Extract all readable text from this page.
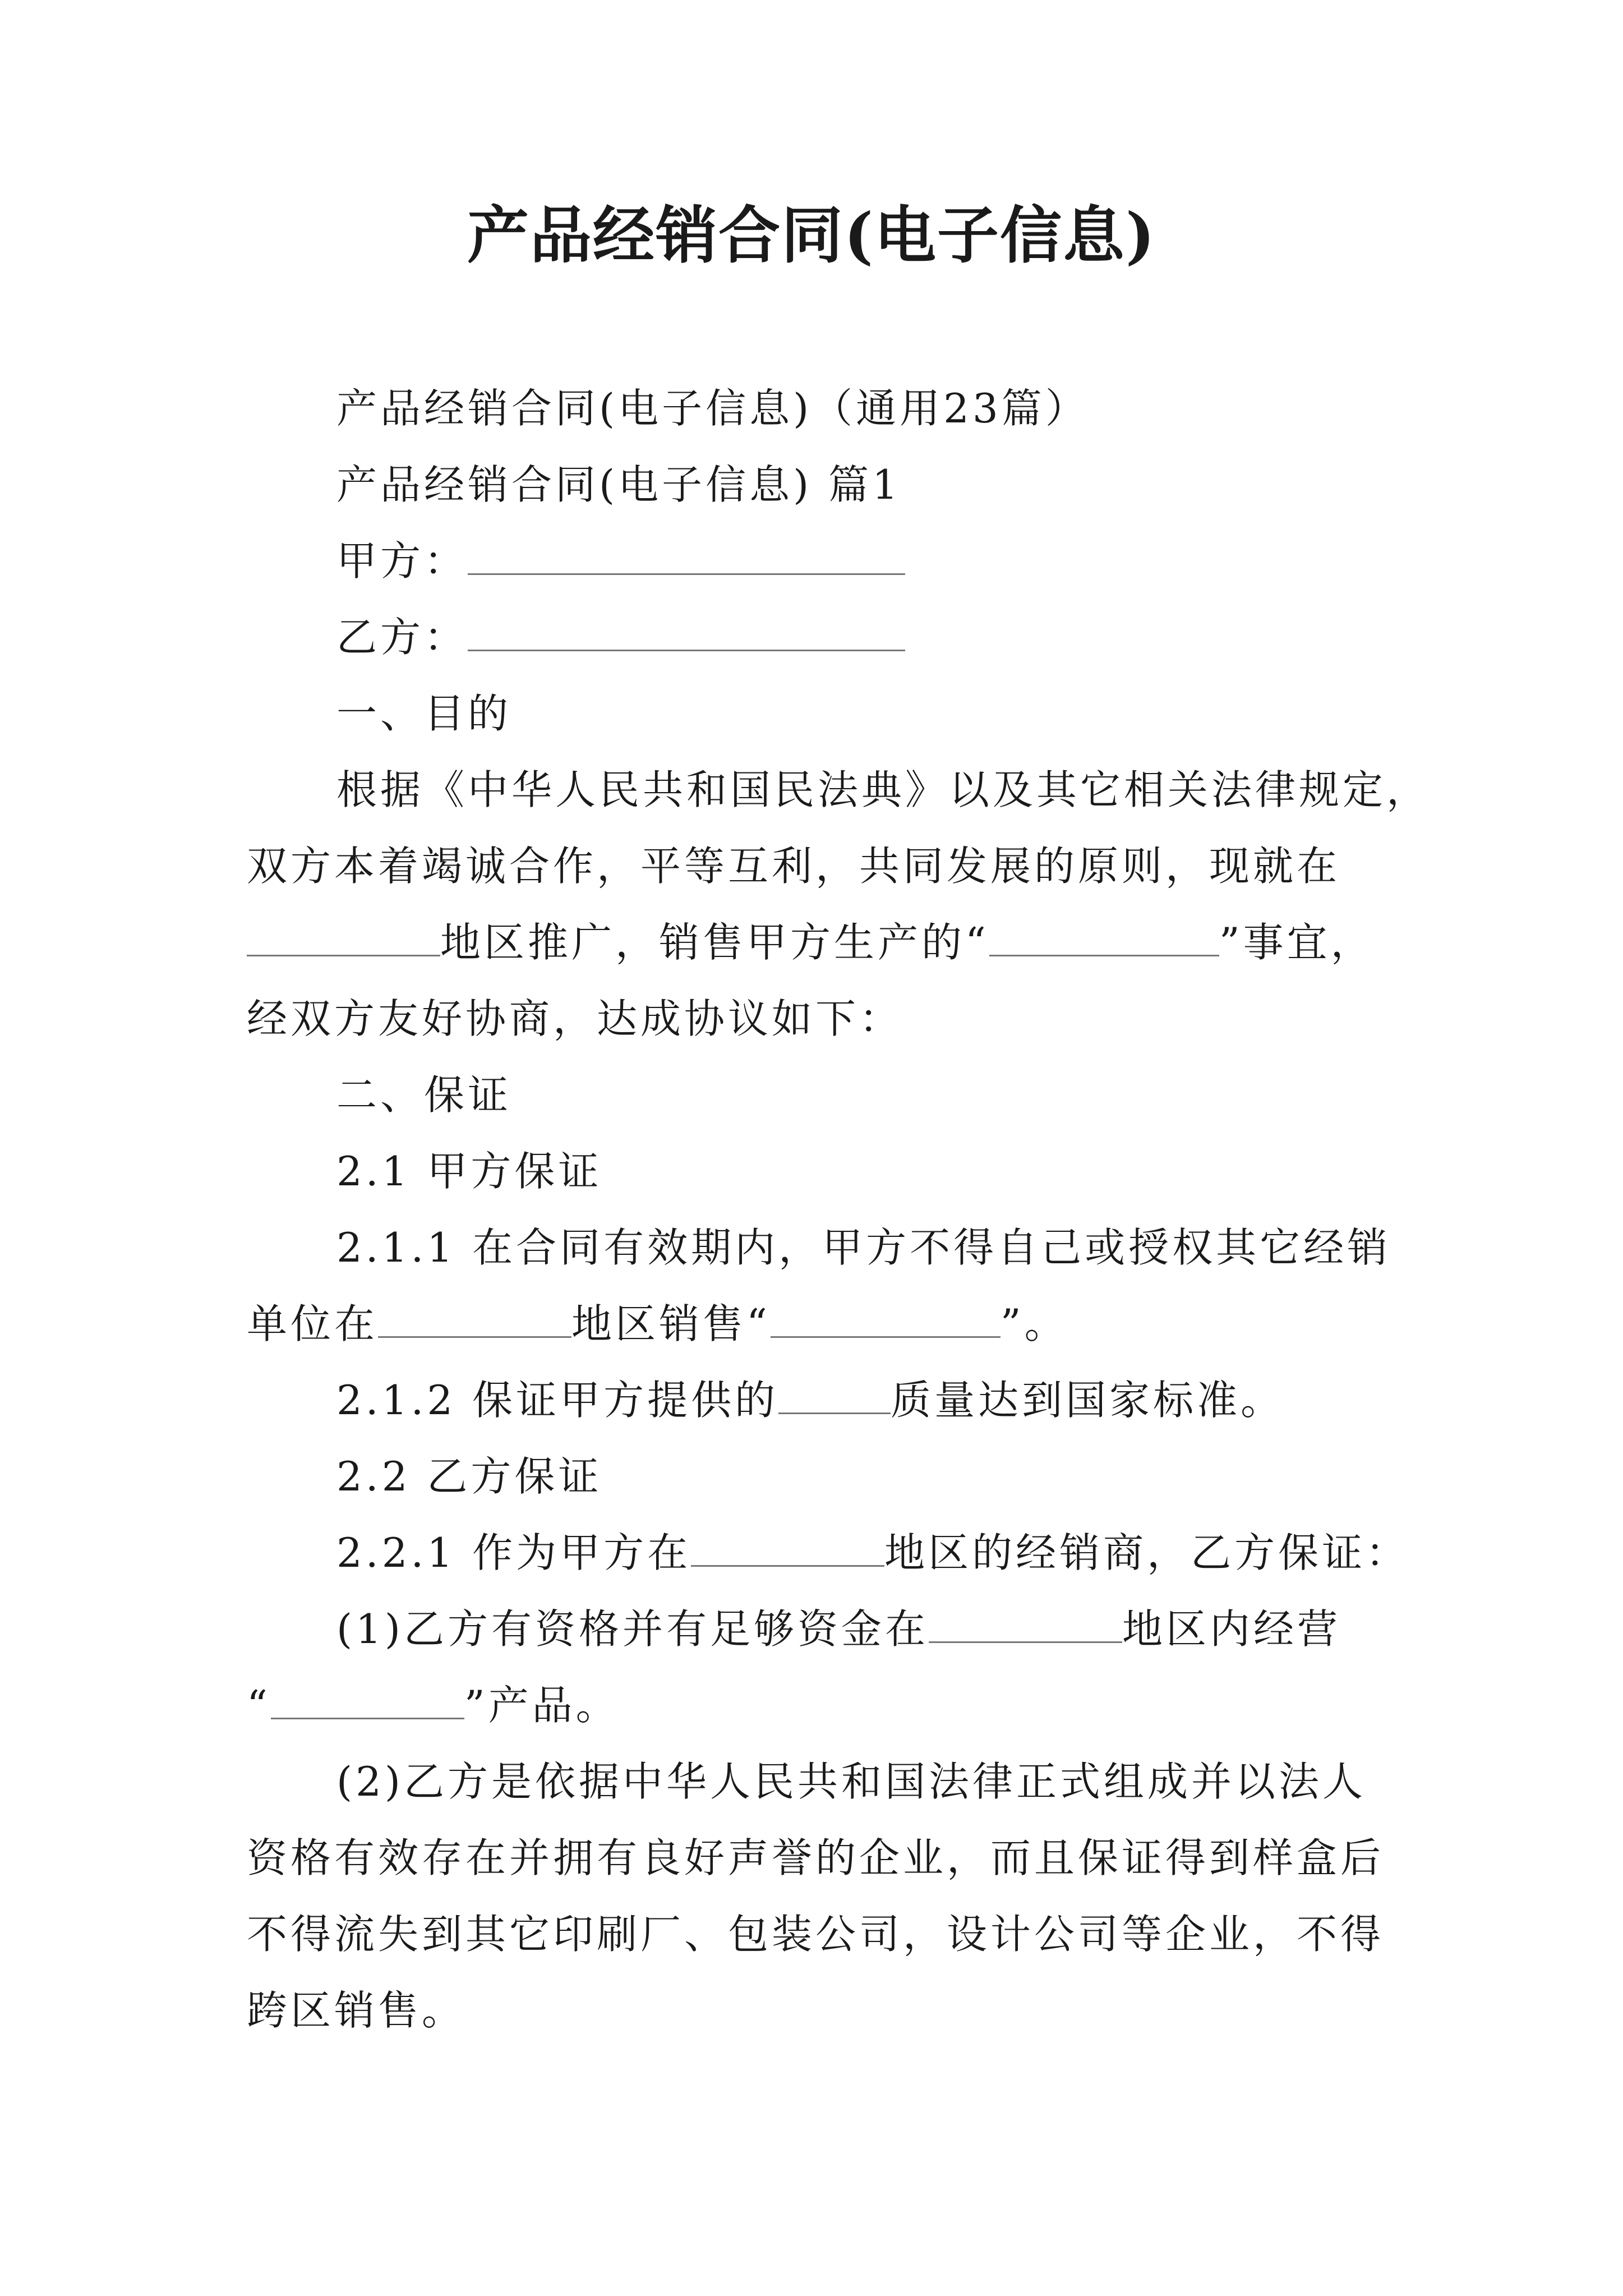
产品经销合同(电子信息)

产品经销合同(电子信息)（通用23篇）

产品经销合同(电子信息) 篇1

甲方：

乙方：

一、目的

根据《中华人民共和国民法典》以及其它相关法律规定，

双方本着竭诚合作，平等互利，共同发展的原则，现就在

地区推广，销售甲方生产的“	”事宜，

经双方友好协商，达成协议如下：

二、保证

2.1 甲方保证

2.1.1 在合同有效期内，甲方不得自己或授权其它经销

单位在	地区销售“	”。

2.1.2 保证甲方提供的	质量达到国家标准。

2.2 乙方保证

2.2.1 作为甲方在	地区的经销商，乙方保证：

(1)乙方有资格并有足够资金在	地区内经营

“	”产品。

(2)乙方是依据中华人民共和国法律正式组成并以法人

资格有效存在并拥有良好声誉的企业，而且保证得到样盒后

不得流失到其它印刷厂、包装公司，设计公司等企业，不得

跨区销售。
